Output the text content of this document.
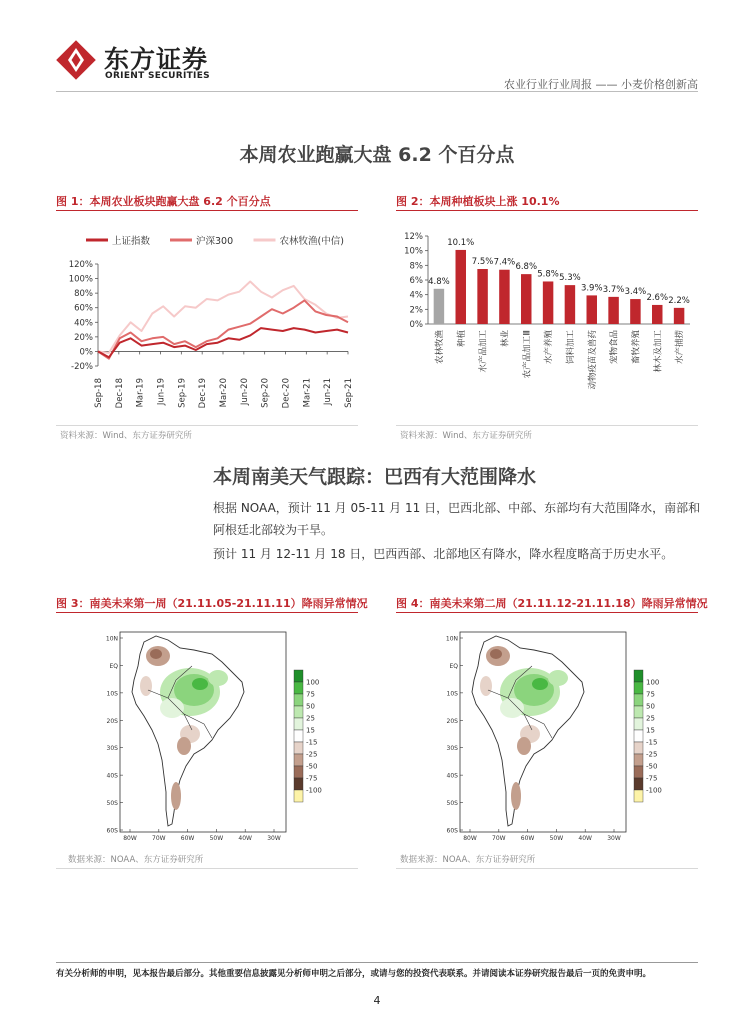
东方证券
ORIENT SECURITIES
农业行业行业周报 —— 小麦价格创新高
本周农业跑赢大盘 6.2 个百分点
图 1：本周农业板块跑赢大盘 6.2 个百分点
上证指数	沪深300	农林牧渔(中信)
120%
100%
80%
60%
40%
20%
0%
-20%
Sep-18 Dec-18 Mar-19 Jun-19 Sep-19 Dec-19 Mar-20 Jun-20 Sep-20 Dec-20 Mar-21 Jun-21 Sep-21
资料来源：Wind、东方证券研究所
图 2：本周种植板块上涨 10.1%
12%
10%
8%
6%
4%
2%
0%
4.8%
农林牧渔
10.1%
种植
7.5%
水产品加工
7.4%
林业
6.8%
农产品加工Ⅲ
5.8%
水产养殖
5.3%
饲料加工
3.9%
动物疫苗及兽药
3.7%
宠物食品
3.4%
畜牧养殖
2.6%
林木及加工
2.2%
水产捕捞
资料来源：Wind、东方证券研究所
本周南美天气跟踪：巴西有大范围降水
根据 NOAA，预计 11 月 05-11 月 11 日，巴西北部、中部、东部均有大范围降水，南部和阿根廷北部较为干旱。
预计 11 月 12-11 月 18 日，巴西西部、北部地区有降水，降水程度略高于历史水平。
图 3：南美未来第一周（21.11.05-21.11.11）降雨异常情况
10N
EQ
10S
20S
30S
40S
50S
60S
80W	70W	60W	50W	40W	30W
100
75
50
25
15
-15
-25
-50
-75
-100
数据来源：NOAA、东方证券研究所
图 4：南美未来第二周（21.11.12-21.11.18）降雨异常情况
10N
EQ
10S
20S
30S
40S
50S
60S
80W	70W	60W	50W	40W	30W
100
75
50
25
15
-15
-25
-50
-75
-100
数据来源：NOAA、东方证券研究所
有关分析师的申明，见本报告最后部分。其他重要信息披露见分析师申明之后部分，或请与您的投资代表联系。并请阅读本证券研究报告最后一页的免责申明。
4
